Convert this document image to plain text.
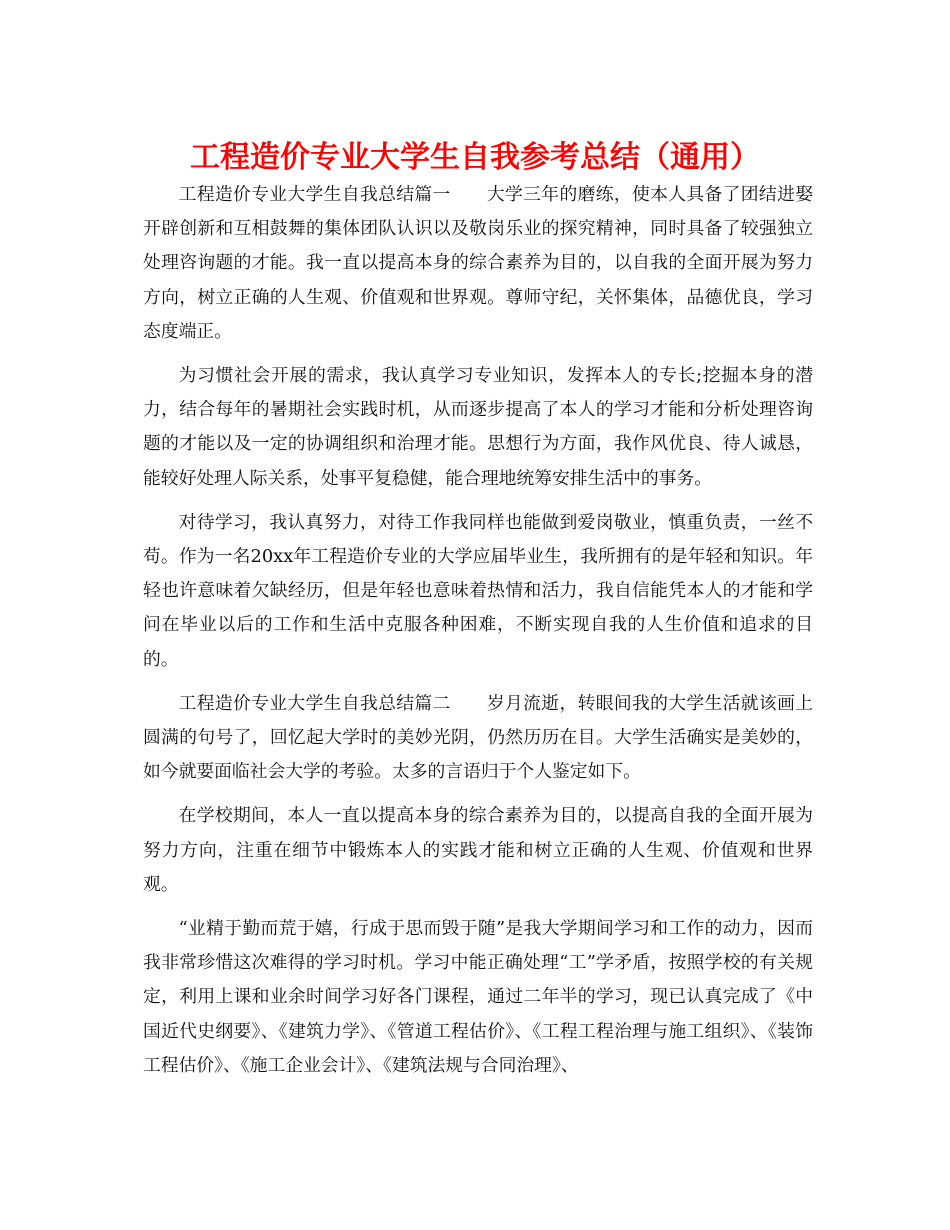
工程造价专业大学生自我参考总结（通用）

工程造价专业大学生自我总结篇一　　大学三年的磨练，使本人具备了团结进娶开辟创新和互相鼓舞的集体团队认识以及敬岗乐业的探究精神，同时具备了较强独立处理咨询题的才能。我一直以提高本身的综合素养为目的，以自我的全面开展为努力方向，树立正确的人生观、价值观和世界观。尊师守纪，关怀集体，品德优良，学习态度端正。

为习惯社会开展的需求，我认真学习专业知识，发挥本人的专长;挖掘本身的潜力，结合每年的暑期社会实践时机，从而逐步提高了本人的学习才能和分析处理咨询题的才能以及一定的协调组织和治理才能。思想行为方面，我作风优良、待人诚恳，能较好处理人际关系，处事平复稳健，能合理地统筹安排生活中的事务。

对待学习，我认真努力，对待工作我同样也能做到爱岗敬业，慎重负责，一丝不苟。作为一名20xx年工程造价专业的大学应届毕业生，我所拥有的是年轻和知识。年轻也许意味着欠缺经历，但是年轻也意味着热情和活力，我自信能凭本人的才能和学问在毕业以后的工作和生活中克服各种困难，不断实现自我的人生价值和追求的目的。

工程造价专业大学生自我总结篇二　　岁月流逝，转眼间我的大学生活就该画上圆满的句号了，回忆起大学时的美妙光阴，仍然历历在目。大学生活确实是美妙的，如今就要面临社会大学的考验。太多的言语归于个人鉴定如下。

在学校期间，本人一直以提高本身的综合素养为目的，以提高自我的全面开展为努力方向，注重在细节中锻炼本人的实践才能和树立正确的人生观、价值观和世界观。

“业精于勤而荒于嬉，行成于思而毁于随”是我大学期间学习和工作的动力，因而我非常珍惜这次难得的学习时机。学习中能正确处理“工”学矛盾，按照学校的有关规定，利用上课和业余时间学习好各门课程，通过二年半的学习，现已认真完成了《中国近代史纲要》、《建筑力学》、《管道工程估价》、《工程工程治理与施工组织》、《装饰工程估价》、《施工企业会计》、《建筑法规与合同治理》、
